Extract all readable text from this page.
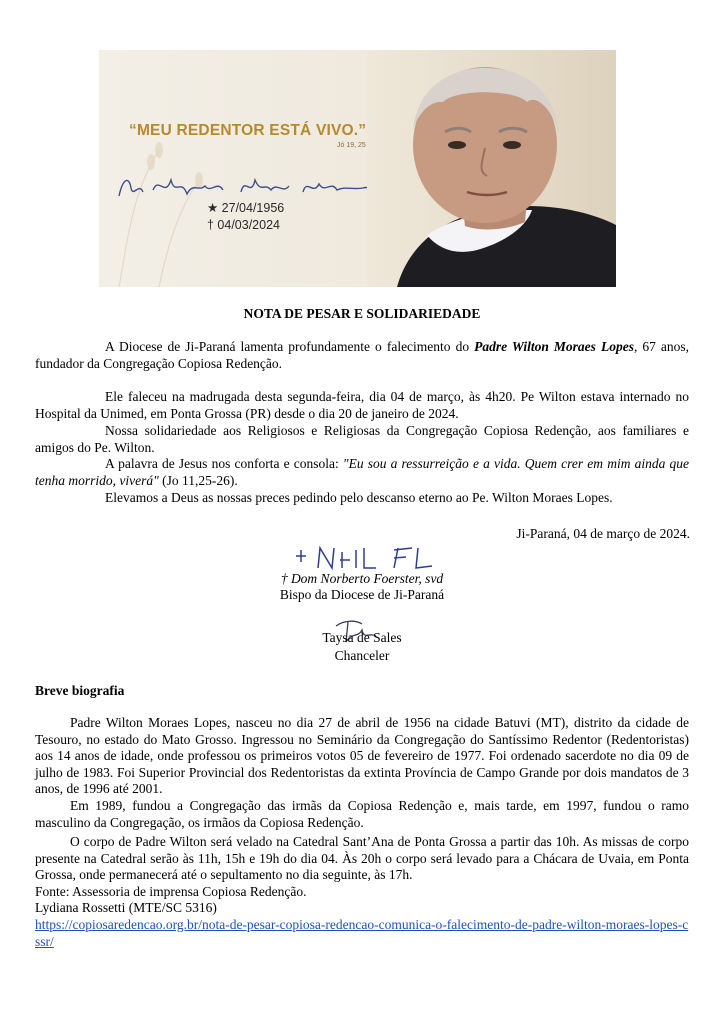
“MEU REDENTOR ESTÁ VIVO.”
Jó 19, 25
★ 27/04/1956
† 04/03/2024
NOTA DE PESAR E SOLIDARIEDADE
A Diocese de Ji-Paraná lamenta profundamente o falecimento do Padre Wilton Moraes Lopes, 67 anos, fundador da Congregação Copiosa Redenção.
Ele faleceu na madrugada desta segunda-feira, dia 04 de março, às 4h20. Pe Wilton estava internado no Hospital da Unimed, em Ponta Grossa (PR) desde o dia 20 de janeiro de 2024.
Nossa solidariedade aos Religiosos e Religiosas da Congregação Copiosa Redenção, aos familiares e amigos do Pe. Wilton.
A palavra de Jesus nos conforta e consola: "Eu sou a ressurreição e a vida. Quem crer em mim ainda que tenha morrido, viverá" (Jo 11,25-26).
Elevamos a Deus as nossas preces pedindo pelo descanso eterno ao Pe. Wilton Moraes Lopes.
Ji-Paraná, 04 de março de 2024.
† Dom Norberto Foerster, svd
Bispo da Diocese de Ji-Paraná
Taysa de Sales
Chanceler
Breve biografia
Padre Wilton Moraes Lopes, nasceu no dia 27 de abril de 1956 na cidade Batuvi (MT), distrito da cidade de Tesouro, no estado do Mato Grosso. Ingressou no Seminário da Congregação do Santíssimo Redentor (Redentoristas) aos 14 anos de idade, onde professou os primeiros votos 05 de fevereiro de 1977. Foi ordenado sacerdote no dia 09 de julho de 1983. Foi Superior Provincial dos Redentoristas da extinta Província de Campo Grande por dois mandatos de 3 anos, de 1996 até 2001.
Em 1989, fundou a Congregação das irmãs da Copiosa Redenção e, mais tarde, em 1997, fundou o ramo masculino da Congregação, os irmãos da Copiosa Redenção.
O corpo de Padre Wilton será velado na Catedral Sant’Ana de Ponta Grossa a partir das 10h. As missas de corpo presente na Catedral serão às 11h, 15h e 19h do dia 04. Às 20h o corpo será levado para a Chácara de Uvaia, em Ponta Grossa, onde permanecerá até o sepultamento no dia seguinte, às 17h.
Fonte: Assessoria de imprensa Copiosa Redenção.
Lydiana Rossetti (MTE/SC 5316)
https://copiosaredencao.org.br/nota-de-pesar-copiosa-redencao-comunica-o-falecimento-de-padre-wilton-moraes-lopes-cssr/
